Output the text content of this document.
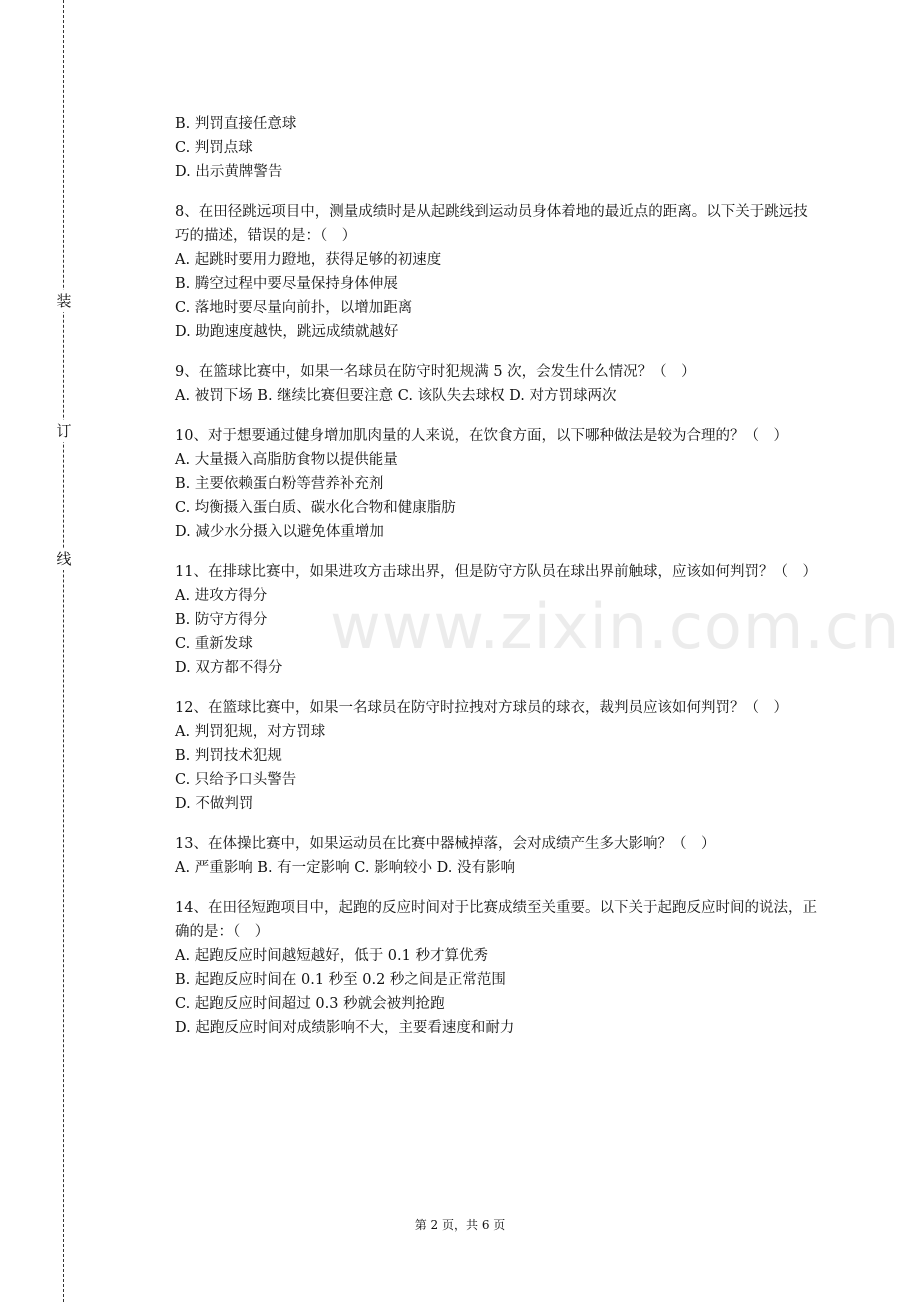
装
订
线
www.zixin.com.cn
B. 判罚直接任意球
C. 判罚点球
D. 出示黄牌警告
8、在田径跳远项目中，测量成绩时是从起跳线到运动员身体着地的最近点的距离。以下关于跳远技巧的描述，错误的是：（　）
A. 起跳时要用力蹬地，获得足够的初速度
B. 腾空过程中要尽量保持身体伸展
C. 落地时要尽量向前扑，以增加距离
D. 助跑速度越快，跳远成绩就越好
9、在篮球比赛中，如果一名球员在防守时犯规满 5 次，会发生什么情况？（　）
A. 被罚下场 B. 继续比赛但要注意 C. 该队失去球权 D. 对方罚球两次
10、对于想要通过健身增加肌肉量的人来说，在饮食方面，以下哪种做法是较为合理的？（　）
A. 大量摄入高脂肪食物以提供能量
B. 主要依赖蛋白粉等营养补充剂
C. 均衡摄入蛋白质、碳水化合物和健康脂肪
D. 减少水分摄入以避免体重增加
11、在排球比赛中，如果进攻方击球出界，但是防守方队员在球出界前触球，应该如何判罚？（　）
A. 进攻方得分
B. 防守方得分
C. 重新发球
D. 双方都不得分
12、在篮球比赛中，如果一名球员在防守时拉拽对方球员的球衣，裁判员应该如何判罚？（　）
A. 判罚犯规，对方罚球
B. 判罚技术犯规
C. 只给予口头警告
D. 不做判罚
13、在体操比赛中，如果运动员在比赛中器械掉落，会对成绩产生多大影响？（　）
A. 严重影响 B. 有一定影响 C. 影响较小 D. 没有影响
14、在田径短跑项目中，起跑的反应时间对于比赛成绩至关重要。以下关于起跑反应时间的说法，正确的是：（　）
A. 起跑反应时间越短越好，低于 0.1 秒才算优秀
B. 起跑反应时间在 0.1 秒至 0.2 秒之间是正常范围
C. 起跑反应时间超过 0.3 秒就会被判抢跑
D. 起跑反应时间对成绩影响不大，主要看速度和耐力
第 2 页，共 6 页
